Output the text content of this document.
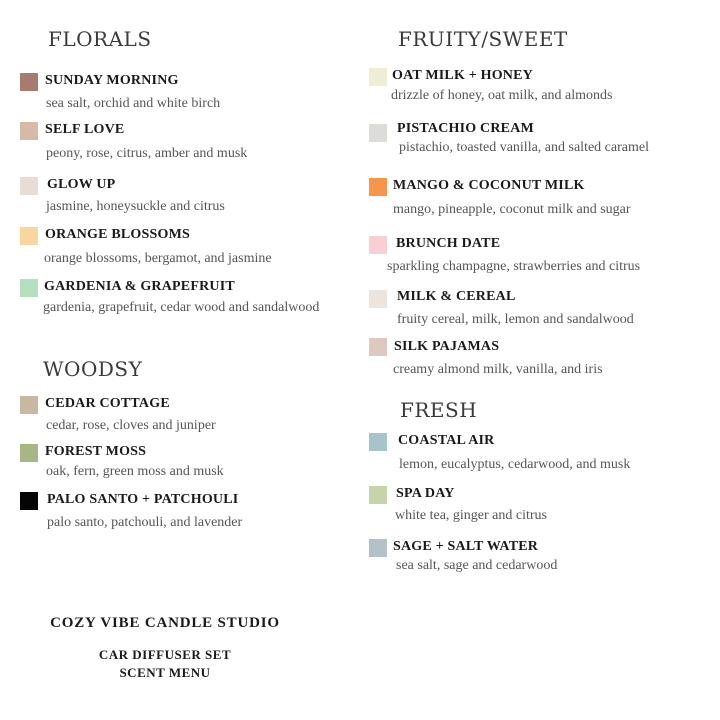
FLORALS
SUNDAY MORNING
sea salt, orchid and white birch
SELF LOVE
peony, rose, citrus, amber and musk
GLOW UP
jasmine, honeysuckle and citrus
ORANGE BLOSSOMS
orange blossoms, bergamot, and jasmine
GARDENIA & GRAPEFRUIT
gardenia, grapefruit, cedar wood and sandalwood
WOODSY
CEDAR COTTAGE
cedar, rose, cloves and juniper
FOREST MOSS
oak, fern, green moss and musk
PALO SANTO + PATCHOULI
palo santo, patchouli, and lavender
FRUITY/SWEET
OAT MILK + HONEY
drizzle of honey, oat milk, and almonds
PISTACHIO CREAM
pistachio, toasted vanilla, and salted caramel
MANGO & COCONUT MILK
mango, pineapple, coconut milk and sugar
BRUNCH DATE
sparkling champagne, strawberries and citrus
MILK & CEREAL
fruity cereal, milk, lemon and sandalwood
SILK PAJAMAS
creamy almond milk, vanilla, and iris
FRESH
COASTAL AIR
lemon, eucalyptus, cedarwood, and musk
SPA DAY
white tea, ginger and citrus
SAGE + SALT WATER
sea salt, sage and cedarwood
COZY VIBE CANDLE STUDIO
CAR DIFFUSER SET
SCENT MENU
